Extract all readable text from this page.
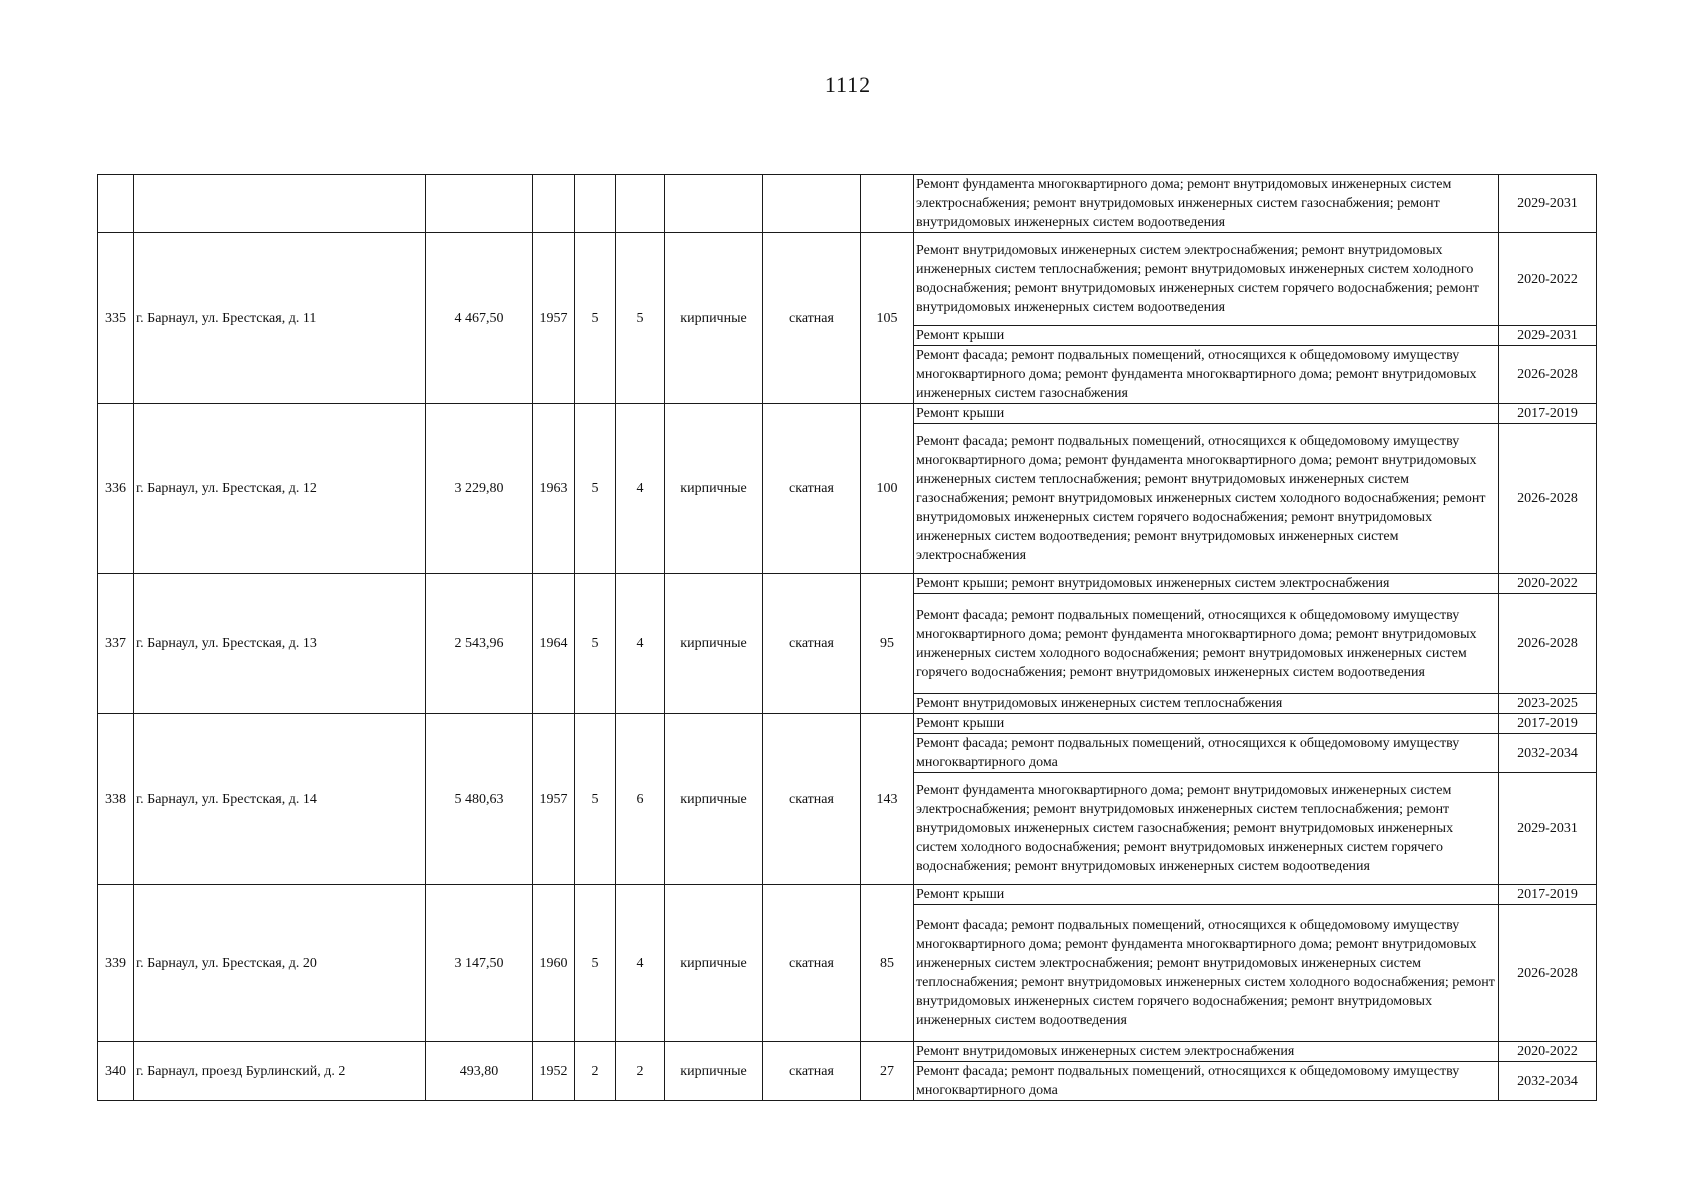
1112
									Ремонт фундамента многоквартирного дома; ремонт внутридомовых инженерных систем электроснабжения; ремонт внутридомовых инженерных систем газоснабжения; ремонт внутридомовых инженерных систем водоотведения	2029-2031
335	г. Барнаул, ул. Брестская, д. 11	4 467,50	1957	5	5	кирпичные	скатная	105	Ремонт внутридомовых инженерных систем электроснабжения; ремонт внутридомовых инженерных систем теплоснабжения; ремонт внутридомовых инженерных систем холодного водоснабжения; ремонт внутридомовых инженерных систем горячего водоснабжения; ремонт внутридомовых инженерных систем водоотведения	2020-2022
									Ремонт крыши	2029-2031
									Ремонт фасада; ремонт подвальных помещений, относящихся к общедомовому имуществу многоквартирного дома; ремонт фундамента многоквартирного дома; ремонт внутридомовых инженерных систем газоснабжения	2026-2028
336	г. Барнаул, ул. Брестская, д. 12	3 229,80	1963	5	4	кирпичные	скатная	100	Ремонт крыши	2017-2019
									Ремонт фасада; ремонт подвальных помещений, относящихся к общедомовому имуществу многоквартирного дома; ремонт фундамента многоквартирного дома; ремонт внутридомовых инженерных систем теплоснабжения; ремонт внутридомовых инженерных систем газоснабжения; ремонт внутридомовых инженерных систем холодного водоснабжения; ремонт внутридомовых инженерных систем горячего водоснабжения; ремонт внутридомовых инженерных систем водоотведения; ремонт внутридомовых инженерных систем электроснабжения	2026-2028
337	г. Барнаул, ул. Брестская, д. 13	2 543,96	1964	5	4	кирпичные	скатная	95	Ремонт крыши; ремонт внутридомовых инженерных систем электроснабжения	2020-2022
									Ремонт фасада; ремонт подвальных помещений, относящихся к общедомовому имуществу многоквартирного дома; ремонт фундамента многоквартирного дома; ремонт внутридомовых инженерных систем холодного водоснабжения; ремонт внутридомовых инженерных систем горячего водоснабжения; ремонт внутридомовых инженерных систем водоотведения	2026-2028
									Ремонт внутридомовых инженерных систем теплоснабжения	2023-2025
338	г. Барнаул, ул. Брестская, д. 14	5 480,63	1957	5	6	кирпичные	скатная	143	Ремонт крыши	2017-2019
									Ремонт фасада; ремонт подвальных помещений, относящихся к общедомовому имуществу многоквартирного дома	2032-2034
									Ремонт фундамента многоквартирного дома; ремонт внутридомовых инженерных систем электроснабжения; ремонт внутридомовых инженерных систем теплоснабжения; ремонт внутридомовых инженерных систем газоснабжения; ремонт внутридомовых инженерных систем холодного водоснабжения; ремонт внутридомовых инженерных систем горячего водоснабжения; ремонт внутридомовых инженерных систем водоотведения	2029-2031
339	г. Барнаул, ул. Брестская, д. 20	3 147,50	1960	5	4	кирпичные	скатная	85	Ремонт крыши	2017-2019
									Ремонт фасада; ремонт подвальных помещений, относящихся к общедомовому имуществу многоквартирного дома; ремонт фундамента многоквартирного дома; ремонт внутридомовых инженерных систем электроснабжения; ремонт внутридомовых инженерных систем теплоснабжения; ремонт внутридомовых инженерных систем холодного водоснабжения; ремонт внутридомовых инженерных систем горячего водоснабжения; ремонт внутридомовых инженерных систем водоотведения	2026-2028
340	г. Барнаул, проезд Бурлинский, д. 2	493,80	1952	2	2	кирпичные	скатная	27	Ремонт внутридомовых инженерных систем электроснабжения	2020-2022
									Ремонт фасада; ремонт подвальных помещений, относящихся к общедомовому имуществу многоквартирного дома	2032-2034
